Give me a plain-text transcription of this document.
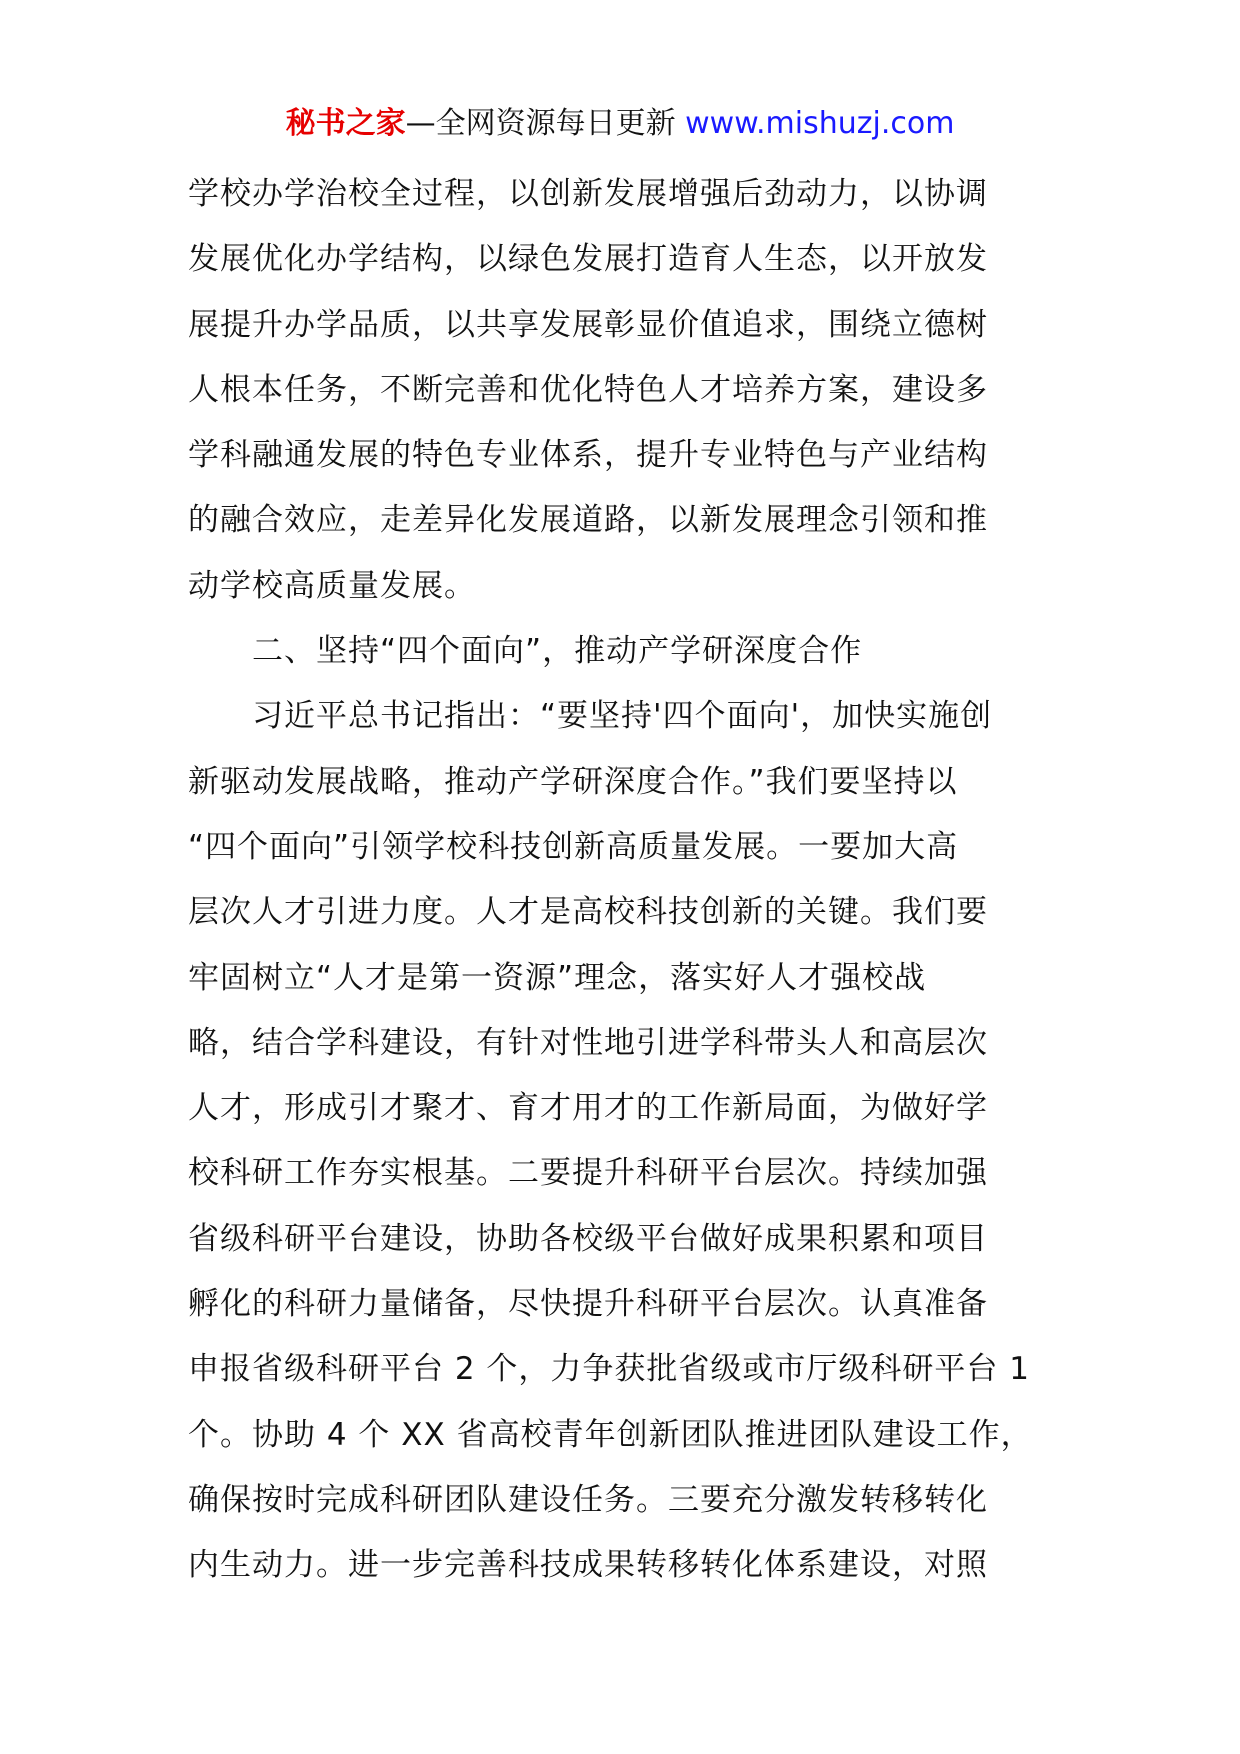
秘书之家—全网资源每日更新 www.mishuzj.com
学校办学治校全过程，以创新发展增强后劲动力，以协调
发展优化办学结构，以绿色发展打造育人生态，以开放发
展提升办学品质，以共享发展彰显价值追求，围绕立德树
人根本任务，不断完善和优化特色人才培养方案，建设多
学科融通发展的特色专业体系，提升专业特色与产业结构
的融合效应，走差异化发展道路，以新发展理念引领和推
动学校高质量发展。
二、坚持“四个面向”，推动产学研深度合作
习近平总书记指出：“要坚持'四个面向'，加快实施创
新驱动发展战略，推动产学研深度合作。”我们要坚持以
“四个面向”引领学校科技创新高质量发展。一要加大高
层次人才引进力度。人才是高校科技创新的关键。我们要
牢固树立“人才是第一资源”理念，落实好人才强校战
略，结合学科建设，有针对性地引进学科带头人和高层次
人才，形成引才聚才、育才用才的工作新局面，为做好学
校科研工作夯实根基。二要提升科研平台层次。持续加强
省级科研平台建设，协助各校级平台做好成果积累和项目
孵化的科研力量储备，尽快提升科研平台层次。认真准备
申报省级科研平台 2 个，力争获批省级或市厅级科研平台 1
个。协助 4 个 XX 省高校青年创新团队推进团队建设工作，
确保按时完成科研团队建设任务。三要充分激发转移转化
内生动力。进一步完善科技成果转移转化体系建设，对照
